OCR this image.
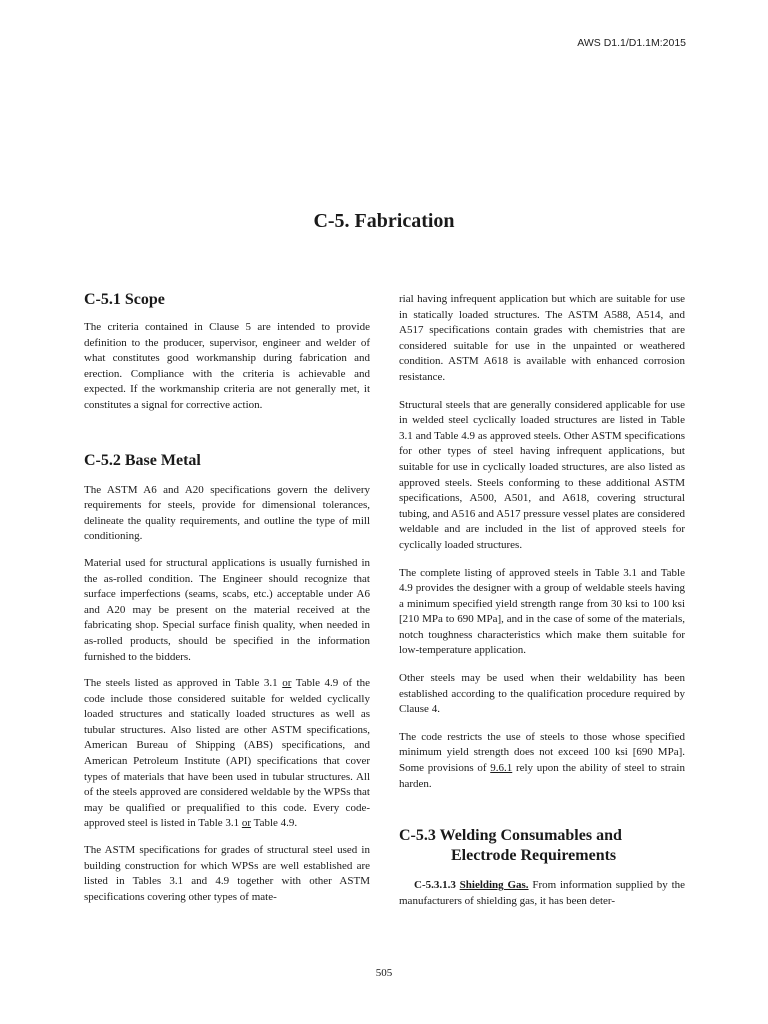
AWS D1.1/D1.1M:2015
C-5. Fabrication
C-5.1 Scope

The criteria contained in Clause 5 are intended to provide definition to the producer, supervisor, engineer and welder of what constitutes good workmanship during fabrication and erection. Compliance with the criteria is achievable and expected. If the workmanship criteria are not generally met, it constitutes a signal for corrective action.

C-5.2 Base Metal

The ASTM A6 and A20 specifications govern the delivery requirements for steels, provide for dimensional tolerances, delineate the quality requirements, and outline the type of mill conditioning.

Material used for structural applications is usually furnished in the as-rolled condition. The Engineer should recognize that surface imperfections (seams, scabs, etc.) acceptable under A6 and A20 may be present on the material received at the fabricating shop. Special surface finish quality, when needed in as-rolled products, should be specified in the information furnished to the bidders.

The steels listed as approved in Table 3.1 or Table 4.9 of the code include those considered suitable for welded cyclically loaded structures and statically loaded structures as well as tubular structures. Also listed are other ASTM specifications, American Bureau of Shipping (ABS) specifications, and American Petroleum Institute (API) specifications that cover types of materials that have been used in tubular structures. All of the steels approved are considered weldable by the WPSs that may be qualified or prequalified to this code. Every code-approved steel is listed in Table 3.1 or Table 4.9.

The ASTM specifications for grades of structural steel used in building construction for which WPSs are well established are listed in Tables 3.1 and 4.9 together with other ASTM specifications covering other types of mate-

rial having infrequent application but which are suitable for use in statically loaded structures. The ASTM A588, A514, and A517 specifications contain grades with chemistries that are considered suitable for use in the unpainted or weathered condition. ASTM A618 is available with enhanced corrosion resistance.

Structural steels that are generally considered applicable for use in welded steel cyclically loaded structures are listed in Table 3.1 and Table 4.9 as approved steels. Other ASTM specifications for other types of steel having infrequent applications, but suitable for use in cyclically loaded structures, are also listed as approved steels. Steels conforming to these additional ASTM specifications, A500, A501, and A618, covering structural tubing, and A516 and A517 pressure vessel plates are considered weldable and are included in the list of approved steels for cyclically loaded structures.

The complete listing of approved steels in Table 3.1 and Table 4.9 provides the designer with a group of weldable steels having a minimum specified yield strength range from 30 ksi to 100 ksi [210 MPa to 690 MPa], and in the case of some of the materials, notch toughness characteristics which make them suitable for low-temperature application.

Other steels may be used when their weldability has been established according to the qualification procedure required by Clause 4.

The code restricts the use of steels to those whose specified minimum yield strength does not exceed 100 ksi [690 MPa]. Some provisions of 9.6.1 rely upon the ability of steel to strain harden.

C-5.3 Welding Consumables and
Electrode Requirements

C-5.3.1.3 Shielding Gas. From information supplied by the manufacturers of shielding gas, it has been deter-

505
